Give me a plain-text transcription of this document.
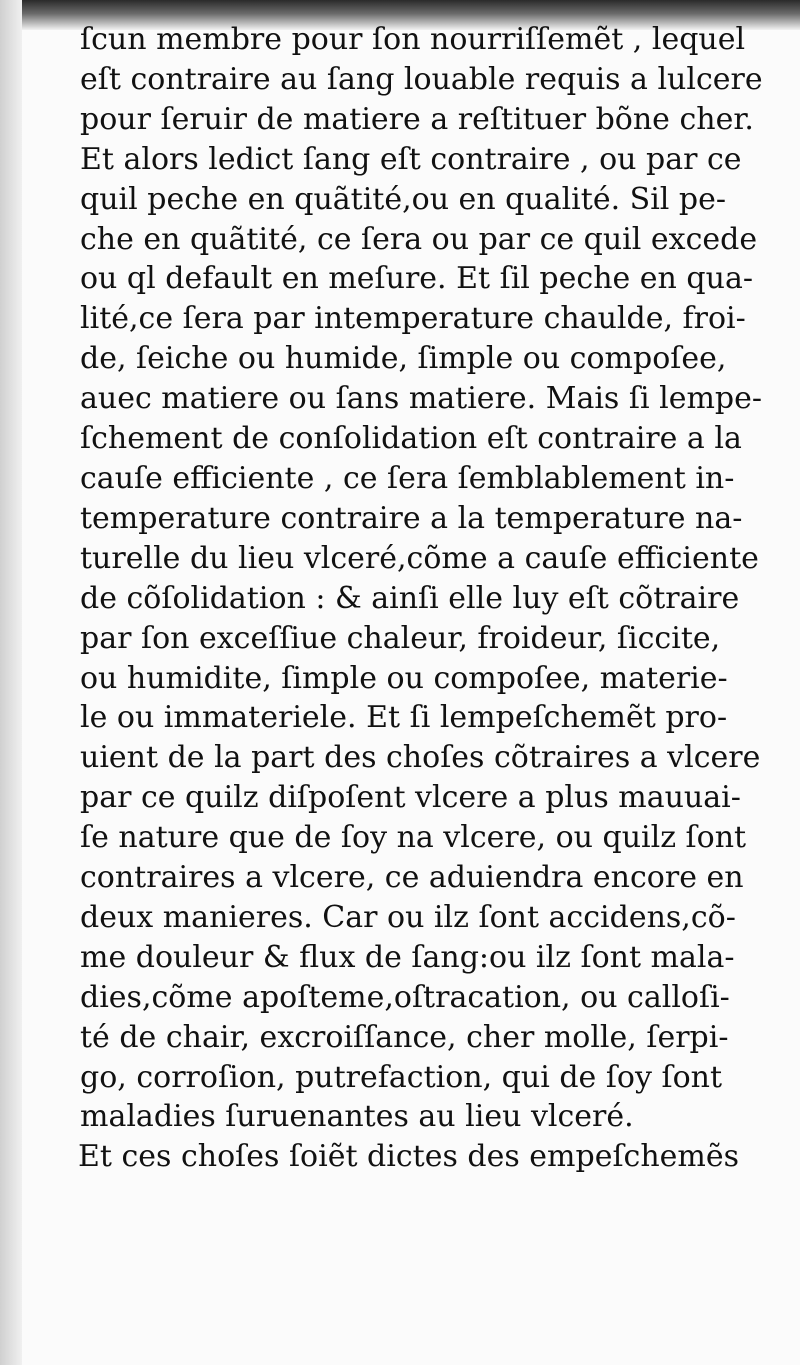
ſcun membre pour ſon nourriſſemẽt , lequel
eſt contraire au ſang louable requis a lulcere
pour ſeruir de matiere a reſtituer bõne cher.
Et alors ledict ſang eſt contraire , ou par ce
quil peche en quãtité,ou en qualité. Sil pe-
che en quãtité, ce ſera ou par ce quil excede
ou ql default en meſure. Et ſil peche en qua-
lité,ce ſera par intemperature chaulde, froi-
de, ſeiche ou humide, ſimple ou compoſee,
auec matiere ou ſans matiere. Mais ſi lempe-
ſchement de conſolidation eſt contraire a la
cauſe efficiente , ce ſera ſemblablement in-
temperature contraire a la temperature na-
turelle du lieu vlceré,cõme a cauſe efficiente
de cõſolidation : & ainſi elle luy eſt cõtraire
par ſon exceſſiue chaleur, froideur, ſiccite,
ou humidite, ſimple ou compoſee, materie-
le ou immateriele. Et ſi lempeſchemẽt pro-
uient de la part des choſes cõtraires a vlcere
par ce quilz diſpoſent vlcere a plus mauuai-
ſe nature que de ſoy na vlcere, ou quilz ſont
contraires a vlcere, ce aduiendra encore en
deux manieres. Car ou ilz ſont accidens,cõ-
me douleur & flux de ſang:ou ilz ſont mala-
dies,cõme apoſteme,oſtracation, ou calloſi-
té de chair, excroiſſance, cher molle, ſerpi-
go, corroſion, putrefaction, qui de ſoy ſont
maladies ſuruenantes au lieu vlceré.
Et ces choſes ſoiẽt dictes des empeſchemẽs
